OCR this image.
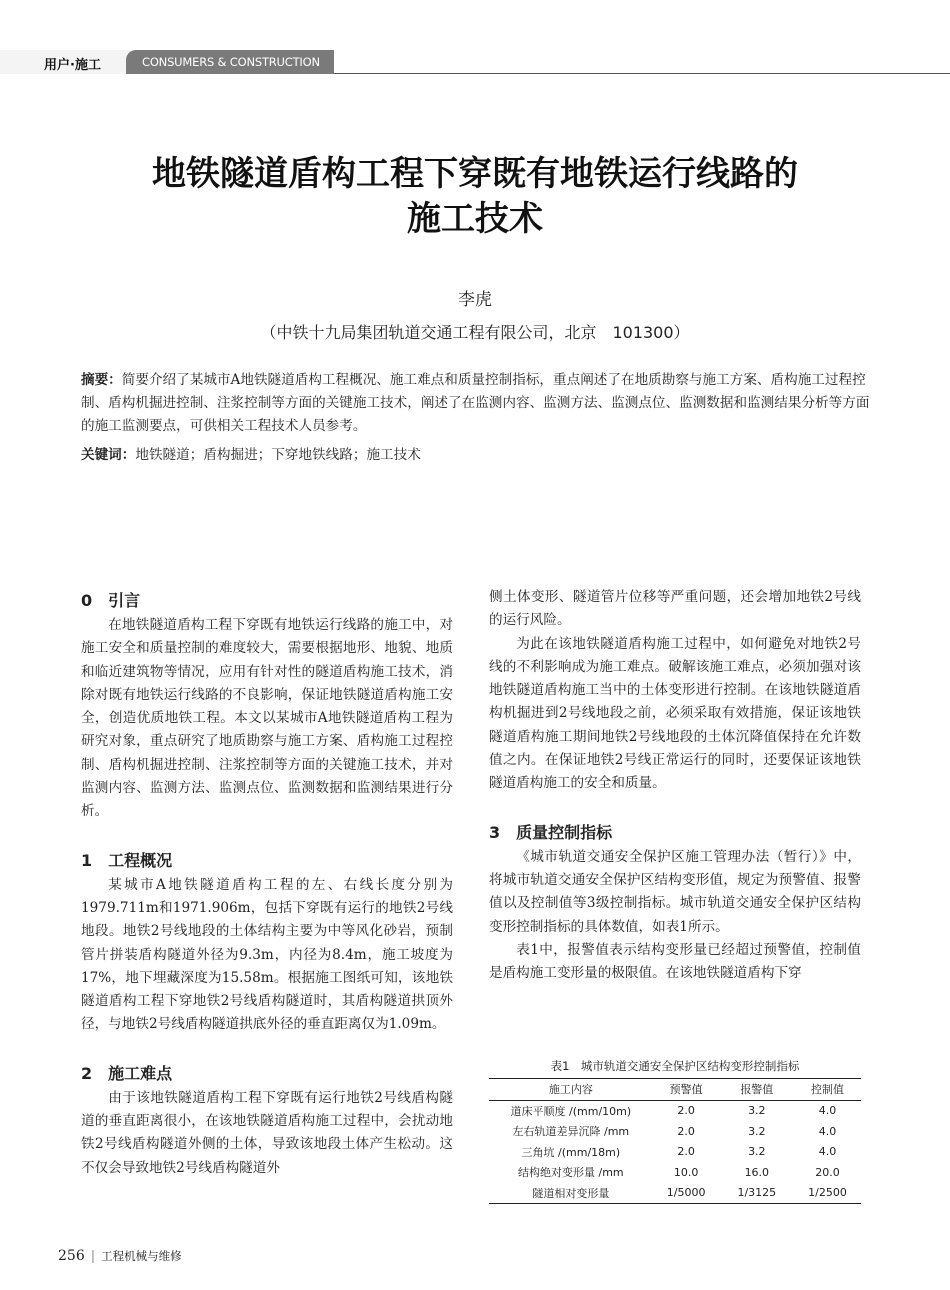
用户·施工	CONSUMERS & CONSTRUCTION
地铁隧道盾构工程下穿既有地铁运行线路的
施工技术
李虎
（中铁十九局集团轨道交通工程有限公司，北京　101300）
摘要：简要介绍了某城市A地铁隧道盾构工程概况、施工难点和质量控制指标，重点阐述了在地质勘察与施工方案、盾构施工过程控制、盾构机掘进控制、注浆控制等方面的关键施工技术，阐述了在监测内容、监测方法、监测点位、监测数据和监测结果分析等方面的施工监测要点，可供相关工程技术人员参考。
关键词：地铁隧道；盾构掘进；下穿地铁线路；施工技术
0　引言

在地铁隧道盾构工程下穿既有地铁运行线路的施工中，对施工安全和质量控制的难度较大，需要根据地形、地貌、地质和临近建筑物等情况，应用有针对性的隧道盾构施工技术，消除对既有地铁运行线路的不良影响，保证地铁隧道盾构施工安全，创造优质地铁工程。本文以某城市A地铁隧道盾构工程为研究对象，重点研究了地质勘察与施工方案、盾构施工过程控制、盾构机掘进控制、注浆控制等方面的关键施工技术，并对监测内容、监测方法、监测点位、监测数据和监测结果进行分析。

1　工程概况

某城市A地铁隧道盾构工程的左、右线长度分别为1979.711m和1971.906m，包括下穿既有运行的地铁2号线地段。地铁2号线地段的土体结构主要为中等风化砂岩，预制管片拼装盾构隧道外径为9.3m，内径为8.4m，施工坡度为17%，地下埋藏深度为15.58m。根据施工图纸可知，该地铁隧道盾构工程下穿地铁2号线盾构隧道时，其盾构隧道拱顶外径，与地铁2号线盾构隧道拱底外径的垂直距离仅为1.09m。

2　施工难点

由于该地铁隧道盾构工程下穿既有运行地铁2号线盾构隧道的垂直距离很小，在该地铁隧道盾构施工过程中，会扰动地铁2号线盾构隧道外侧的土体，导致该地段土体产生松动。这不仅会导致地铁2号线盾构隧道外

侧土体变形、隧道管片位移等严重问题，还会增加地铁2号线的运行风险。

为此在该地铁隧道盾构施工过程中，如何避免对地铁2号线的不利影响成为施工难点。破解该施工难点，必须加强对该地铁隧道盾构施工当中的土体变形进行控制。在该地铁隧道盾构机掘进到2号线地段之前，必须采取有效措施，保证该地铁隧道盾构施工期间地铁2号线地段的土体沉降值保持在允许数值之内。在保证地铁2号线正常运行的同时，还要保证该地铁隧道盾构施工的安全和质量。

3　质量控制指标

《城市轨道交通安全保护区施工管理办法（暂行）》中，将城市轨道交通安全保护区结构变形值，规定为预警值、报警值以及控制值等3级控制指标。城市轨道交通安全保护区结构变形控制指标的具体数值，如表1所示。

表1中，报警值表示结构变形量已经超过预警值，控制值是盾构施工变形量的极限值。在该地铁隧道盾构下穿

表1　城市轨道交通安全保护区结构变形控制指标
施工内容	预警值	报警值	控制值
道床平顺度 /(mm/10m)	2.0	3.2	4.0
左右轨道差异沉降 /mm	2.0	3.2	4.0
三角坑 /(mm/18m)	2.0	3.2	4.0
结构绝对变形量 /mm	10.0	16.0	20.0
隧道相对变形量	1/5000	1/3125	1/2500
256 | 工程机械与维修
